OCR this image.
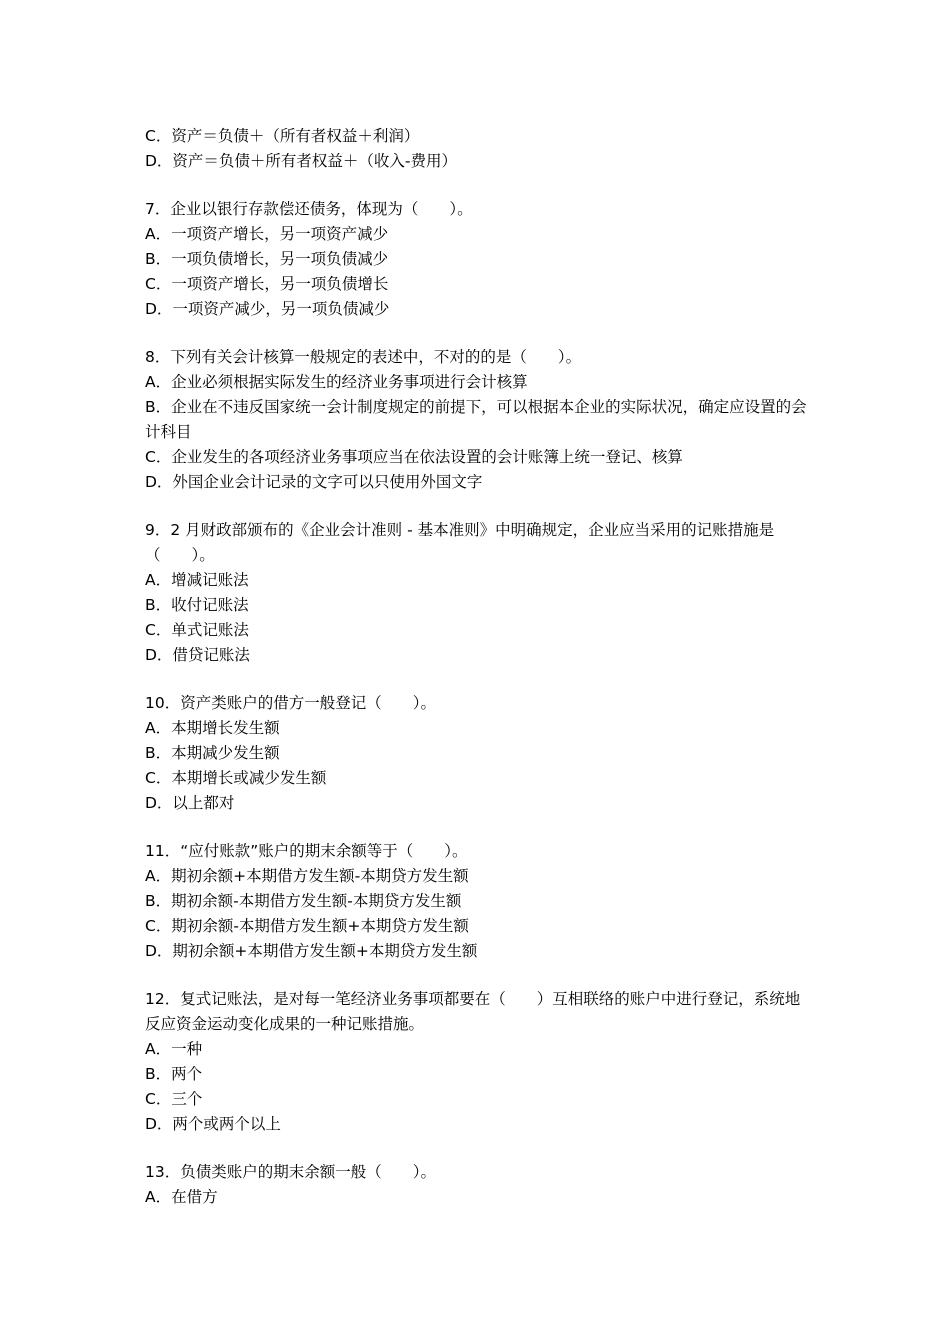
C．资产＝负债＋（所有者权益＋利润）
D．资产＝负债＋所有者权益＋（收入-费用）
7．企业以银行存款偿还债务，体现为（　　）。
A．一项资产增长，另一项资产减少
B．一项负债增长，另一项负债减少
C．一项资产增长，另一项负债增长
D．一项资产减少，另一项负债减少
8．下列有关会计核算一般规定的表述中，不对的的是（　　）。
A．企业必须根据实际发生的经济业务事项进行会计核算
B．企业在不违反国家统一会计制度规定的前提下，可以根据本企业的实际状况，确定应设置的会计科目
C．企业发生的各项经济业务事项应当在依法设置的会计账簿上统一登记、核算
D．外国企业会计记录的文字可以只使用外国文字
9．2 月财政部颁布的《企业会计准则 - 基本准则》中明确规定，企业应当采用的记账措施是（　　）。
A．增减记账法
B．收付记账法
C．单式记账法
D．借贷记账法
10．资产类账户的借方一般登记（　　）。
A．本期增长发生额
B．本期减少发生额
C．本期增长或减少发生额
D．以上都对
11．“应付账款”账户的期末余额等于（　　）。
A．期初余额+本期借方发生额-本期贷方发生额
B．期初余额-本期借方发生额-本期贷方发生额
C．期初余额-本期借方发生额+本期贷方发生额
D．期初余额+本期借方发生额+本期贷方发生额
12．复式记账法，是对每一笔经济业务事项都要在（　　）互相联络的账户中进行登记，系统地反应资金运动变化成果的一种记账措施。
A．一种
B．两个
C．三个
D．两个或两个以上
13．负债类账户的期末余额一般（　　）。
A．在借方
